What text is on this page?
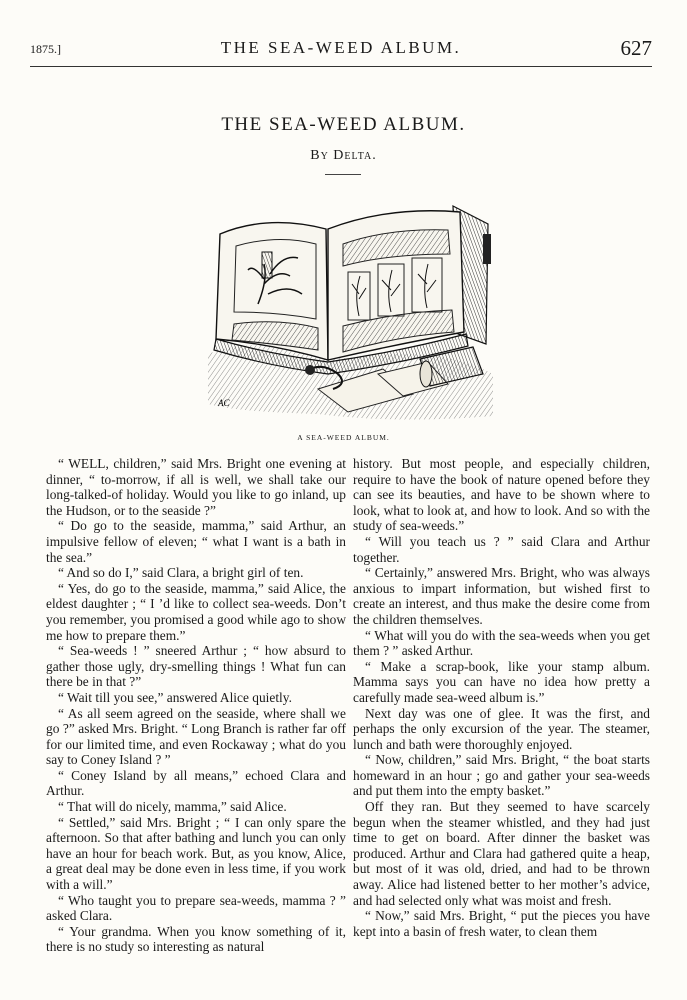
1875.]	THE SEA-WEED ALBUM.	627
THE SEA-WEED ALBUM.
By Delta.
AC
A SEA-WEED ALBUM.

“ WELL, children,” said Mrs. Bright one evening at dinner, “ to-morrow, if all is well, we shall take our long-talked-of holiday. Would you like to go inland, up the Hudson, or to the seaside ?”

“ Do go to the seaside, mamma,” said Arthur, an impulsive fellow of eleven; “ what I want is a bath in the sea.”

“ And so do I,” said Clara, a bright girl of ten.

“ Yes, do go to the seaside, mamma,” said Alice, the eldest daughter ; “ I ’d like to collect sea-weeds. Don’t you remember, you promised a good while ago to show me how to prepare them.”

“ Sea-weeds ! ” sneered Arthur ; “ how absurd to gather those ugly, dry-smelling things ! What fun can there be in that ?”

“ Wait till you see,” answered Alice quietly.

“ As all seem agreed on the seaside, where shall we go ?” asked Mrs. Bright. “ Long Branch is rather far off for our limited time, and even Rockaway ; what do you say to Coney Island ? ”

“ Coney Island by all means,” echoed Clara and Arthur.

“ That will do nicely, mamma,” said Alice.

“ Settled,” said Mrs. Bright ; “ I can only spare the afternoon. So that after bathing and lunch you can only have an hour for beach work. But, as you know, Alice, a great deal may be done even in less time, if you work with a will.”

“ Who taught you to prepare sea-weeds, mamma ? ” asked Clara.

“ Your grandma. When you know something of it, there is no study so interesting as natural

history. But most people, and especially children, require to have the book of nature opened before they can see its beauties, and have to be shown where to look, what to look at, and how to look. And so with the study of sea-weeds.”

“ Will you teach us ? ” said Clara and Arthur together.

“ Certainly,” answered Mrs. Bright, who was always anxious to impart information, but wished first to create an interest, and thus make the desire come from the children themselves.

“ What will you do with the sea-weeds when you get them ? ” asked Arthur.

“ Make a scrap-book, like your stamp album. Mamma says you can have no idea how pretty a carefully made sea-weed album is.”

Next day was one of glee. It was the first, and perhaps the only excursion of the year. The steamer, lunch and bath were thoroughly enjoyed.

“ Now, children,” said Mrs. Bright, “ the boat starts homeward in an hour ; go and gather your sea-weeds and put them into the empty basket.”

Off they ran. But they seemed to have scarcely begun when the steamer whistled, and they had just time to get on board. After dinner the basket was produced. Arthur and Clara had gathered quite a heap, but most of it was old, dried, and had to be thrown away. Alice had listened better to her mother’s advice, and had selected only what was moist and fresh.

“ Now,” said Mrs. Bright, “ put the pieces you have kept into a basin of fresh water, to clean them
